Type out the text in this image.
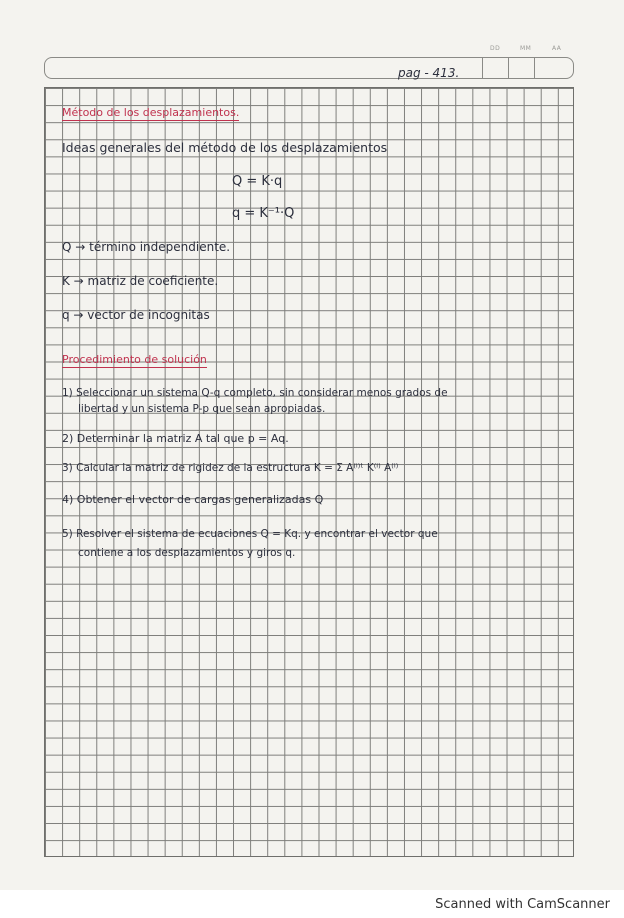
DD	MM	AA
pag - 413.
Método de los desplazamientos.
Ideas generales del método de los desplazamientos
Q = K·q
q = K⁻¹·Q
Q → término independiente.
K → matriz de coeficiente.
q → vector de incognitas
Procedimiento de solución
1) Seleccionar un sistema Q-q completo, sin considerar menos grados de
libertad y un sistema P-p que sean apropiadas.
2) Determinar la matriz A tal que p = Aq.
3) Calcular la matriz de rigidez de la estructura K = Σ A⁽ⁱ⁾ᵗ K⁽ⁱ⁾ A⁽ⁱ⁾
4) Obtener el vector de cargas generalizadas Q
5) Resolver el sistema de ecuaciones Q = Kq. y encontrar el vector que
contiene a los desplazamientos y giros q.
Scanned with CamScanner
